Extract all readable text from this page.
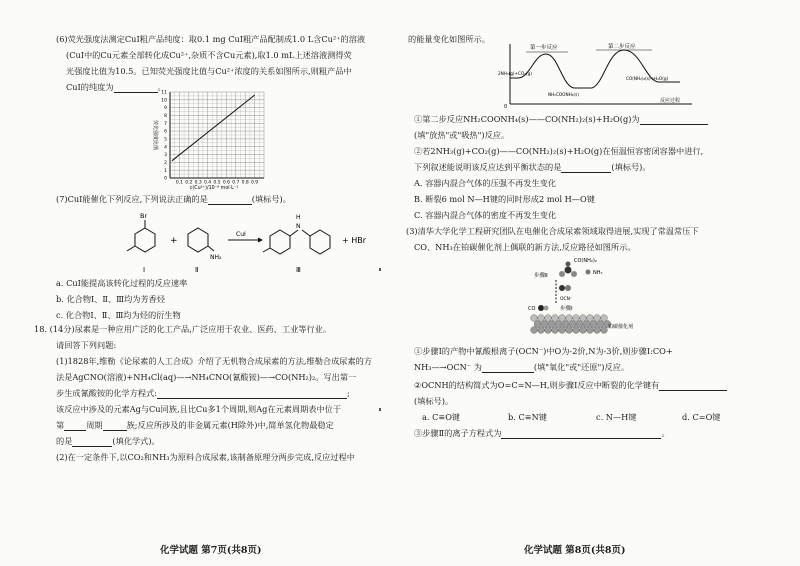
(6)荧光强度法测定CuI粗产品纯度：取0.1 mg CuI粗产品配制成1.0 L含Cu²⁺的溶液
(CuI中的Cu元素全部转化成Cu²⁺,杂质不含Cu元素),取1.0 mL上述溶液测得荧
光强度比值为10.5。已知荧光强度比值与Cu²⁺浓度的关系如图所示,则粗产品中
CuI的纯度为	。
11
10
9
8
7
6
5
4
3
2
1
0
0.1 0.2 0.3 0.4 0.5 0.6 0.7 0.8 0.9
荧光强度比值
c(Cu²⁺)/10⁻⁸ mol·L⁻¹
(7)CuI能催化下列反应,下列说法正确的是	(填标号)。
Br
+
NH₂
CuI
N
H
+ HBr
Ⅰ	Ⅱ	Ⅲ
a. CuI能提高该转化过程的反应速率
b. 化合物Ⅰ、Ⅱ、Ⅲ均为芳香烃
c. 化合物Ⅰ、Ⅱ、Ⅲ均为烃的衍生物
18. (14分)尿素是一种应用广泛的化工产品,广泛应用于农业、医药、工业等行业。
请回答下列问题:
(1)1828年,维勒《论尿素的人工合成》介绍了无机物合成尿素的方法,维勒合成尿素的方
法是AgCNO(溶液)+NH₄Cl(aq)—→NH₄CNO(氰酸铵)—→CO(NH₂)₂。写出第一
步生成氰酸铵的化学方程式:	;
该反应中涉及的元素Ag与Cu同族,且比Cu多1个周期,则Ag在元素周期表中位于
第	周期	族;反应所涉及的非金属元素(H除外)中,简单氢化物最稳定
的是	(填化学式)。
(2)在一定条件下,以CO₂和NH₃为原料合成尿素,该制备原理分两步完成,反应过程中
化学试题 第7页(共8页)
的能量变化如图所示。
0
第一步反应	第二步反应
2NH₃(g)+CO₂(g)
NH₂COONH₄(s)
CO(NH₂)₂(s)+H₂O(g)
反应过程
①第二步反应NH₂COONH₄(s)——CO(NH₂)₂(s)+H₂O(g)为
(填"放热"或"吸热")反应。
②若2NH₃(g)+CO₂(g)——CO(NH₂)₂(s)+H₂O(g)在恒温恒容密闭容器中进行,
下列叙述能说明该反应达到平衡状态的是	(填标号)。
A. 容器内混合气体的压强不再发生变化
B. 断裂6 mol N—H键的同时形成2 mol H—O键
C. 容器内混合气体的密度不再发生变化
(3)清华大学化学工程研究团队在电催化合成尿素领域取得进展,实现了常温常压下
CO、NH₃在铂碳催化剂上偶联的新方法,反应路径如图所示。
CO(NH₂)₂
NH₃
步骤Ⅱ
OCN⁻
步骤Ⅰ
CO
铂碳催化剂
①步骤Ⅰ的产物中氰酸根离子(OCN⁻)中O为-2价,N为-3价,则步骤Ⅰ:CO+
NH₃—→OCN⁻ 为	(填"氧化"或"还原")反应。
②OCNH的结构简式为O=C=N—H,则步骤Ⅰ反应中断裂的化学键有
(填标号)。
a. C≡O键	b. C≡N键	c. N—H键	d. C=O键
③步骤Ⅱ的离子方程式为	。
化学试题 第8页(共8页)
